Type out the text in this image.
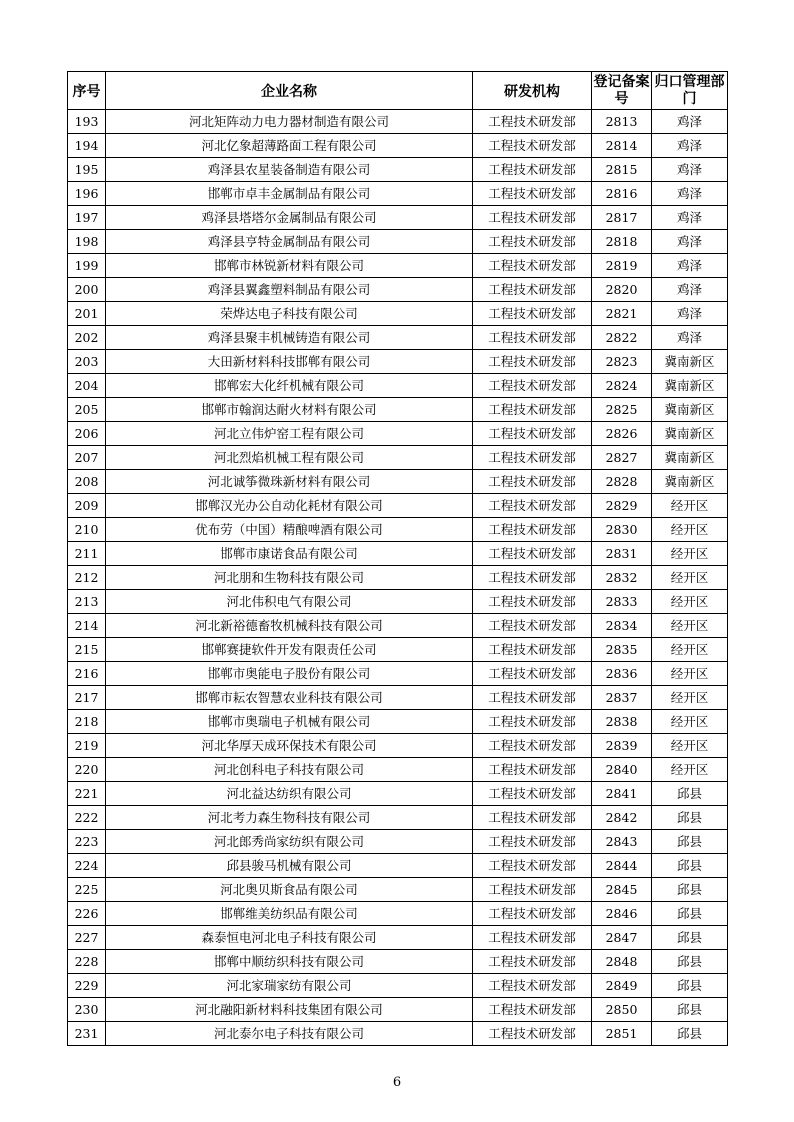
序号	企业名称	研发机构	登记备案号	归口管理部门
193	河北矩阵动力电力器材制造有限公司	工程技术研发部	2813	鸡泽
194	河北亿象超薄路面工程有限公司	工程技术研发部	2814	鸡泽
195	鸡泽县农星装备制造有限公司	工程技术研发部	2815	鸡泽
196	邯郸市卓丰金属制品有限公司	工程技术研发部	2816	鸡泽
197	鸡泽县塔塔尔金属制品有限公司	工程技术研发部	2817	鸡泽
198	鸡泽县亨特金属制品有限公司	工程技术研发部	2818	鸡泽
199	邯郸市林锐新材料有限公司	工程技术研发部	2819	鸡泽
200	鸡泽县翼鑫塑料制品有限公司	工程技术研发部	2820	鸡泽
201	荣烨达电子科技有限公司	工程技术研发部	2821	鸡泽
202	鸡泽县聚丰机械铸造有限公司	工程技术研发部	2822	鸡泽
203	大田新材料科技邯郸有限公司	工程技术研发部	2823	冀南新区
204	邯郸宏大化纤机械有限公司	工程技术研发部	2824	冀南新区
205	邯郸市翰润达耐火材料有限公司	工程技术研发部	2825	冀南新区
206	河北立伟炉窑工程有限公司	工程技术研发部	2826	冀南新区
207	河北烈焰机械工程有限公司	工程技术研发部	2827	冀南新区
208	河北诚筝微珠新材料有限公司	工程技术研发部	2828	冀南新区
209	邯郸汉光办公自动化耗材有限公司	工程技术研发部	2829	经开区
210	优布劳（中国）精酿啤酒有限公司	工程技术研发部	2830	经开区
211	邯郸市康诺食品有限公司	工程技术研发部	2831	经开区
212	河北朋和生物科技有限公司	工程技术研发部	2832	经开区
213	河北伟积电气有限公司	工程技术研发部	2833	经开区
214	河北新裕德畜牧机械科技有限公司	工程技术研发部	2834	经开区
215	邯郸赛捷软件开发有限责任公司	工程技术研发部	2835	经开区
216	邯郸市奥能电子股份有限公司	工程技术研发部	2836	经开区
217	邯郸市耘农智慧农业科技有限公司	工程技术研发部	2837	经开区
218	邯郸市奥瑞电子机械有限公司	工程技术研发部	2838	经开区
219	河北华厚天成环保技术有限公司	工程技术研发部	2839	经开区
220	河北创科电子科技有限公司	工程技术研发部	2840	经开区
221	河北益达纺织有限公司	工程技术研发部	2841	邱县
222	河北考力森生物科技有限公司	工程技术研发部	2842	邱县
223	河北郎秀尚家纺织有限公司	工程技术研发部	2843	邱县
224	邱县骏马机械有限公司	工程技术研发部	2844	邱县
225	河北奥贝斯食品有限公司	工程技术研发部	2845	邱县
226	邯郸维美纺织品有限公司	工程技术研发部	2846	邱县
227	森泰恒电河北电子科技有限公司	工程技术研发部	2847	邱县
228	邯郸中顺纺织科技有限公司	工程技术研发部	2848	邱县
229	河北家瑞家纺有限公司	工程技术研发部	2849	邱县
230	河北融阳新材料科技集团有限公司	工程技术研发部	2850	邱县
231	河北泰尔电子科技有限公司	工程技术研发部	2851	邱县
6
